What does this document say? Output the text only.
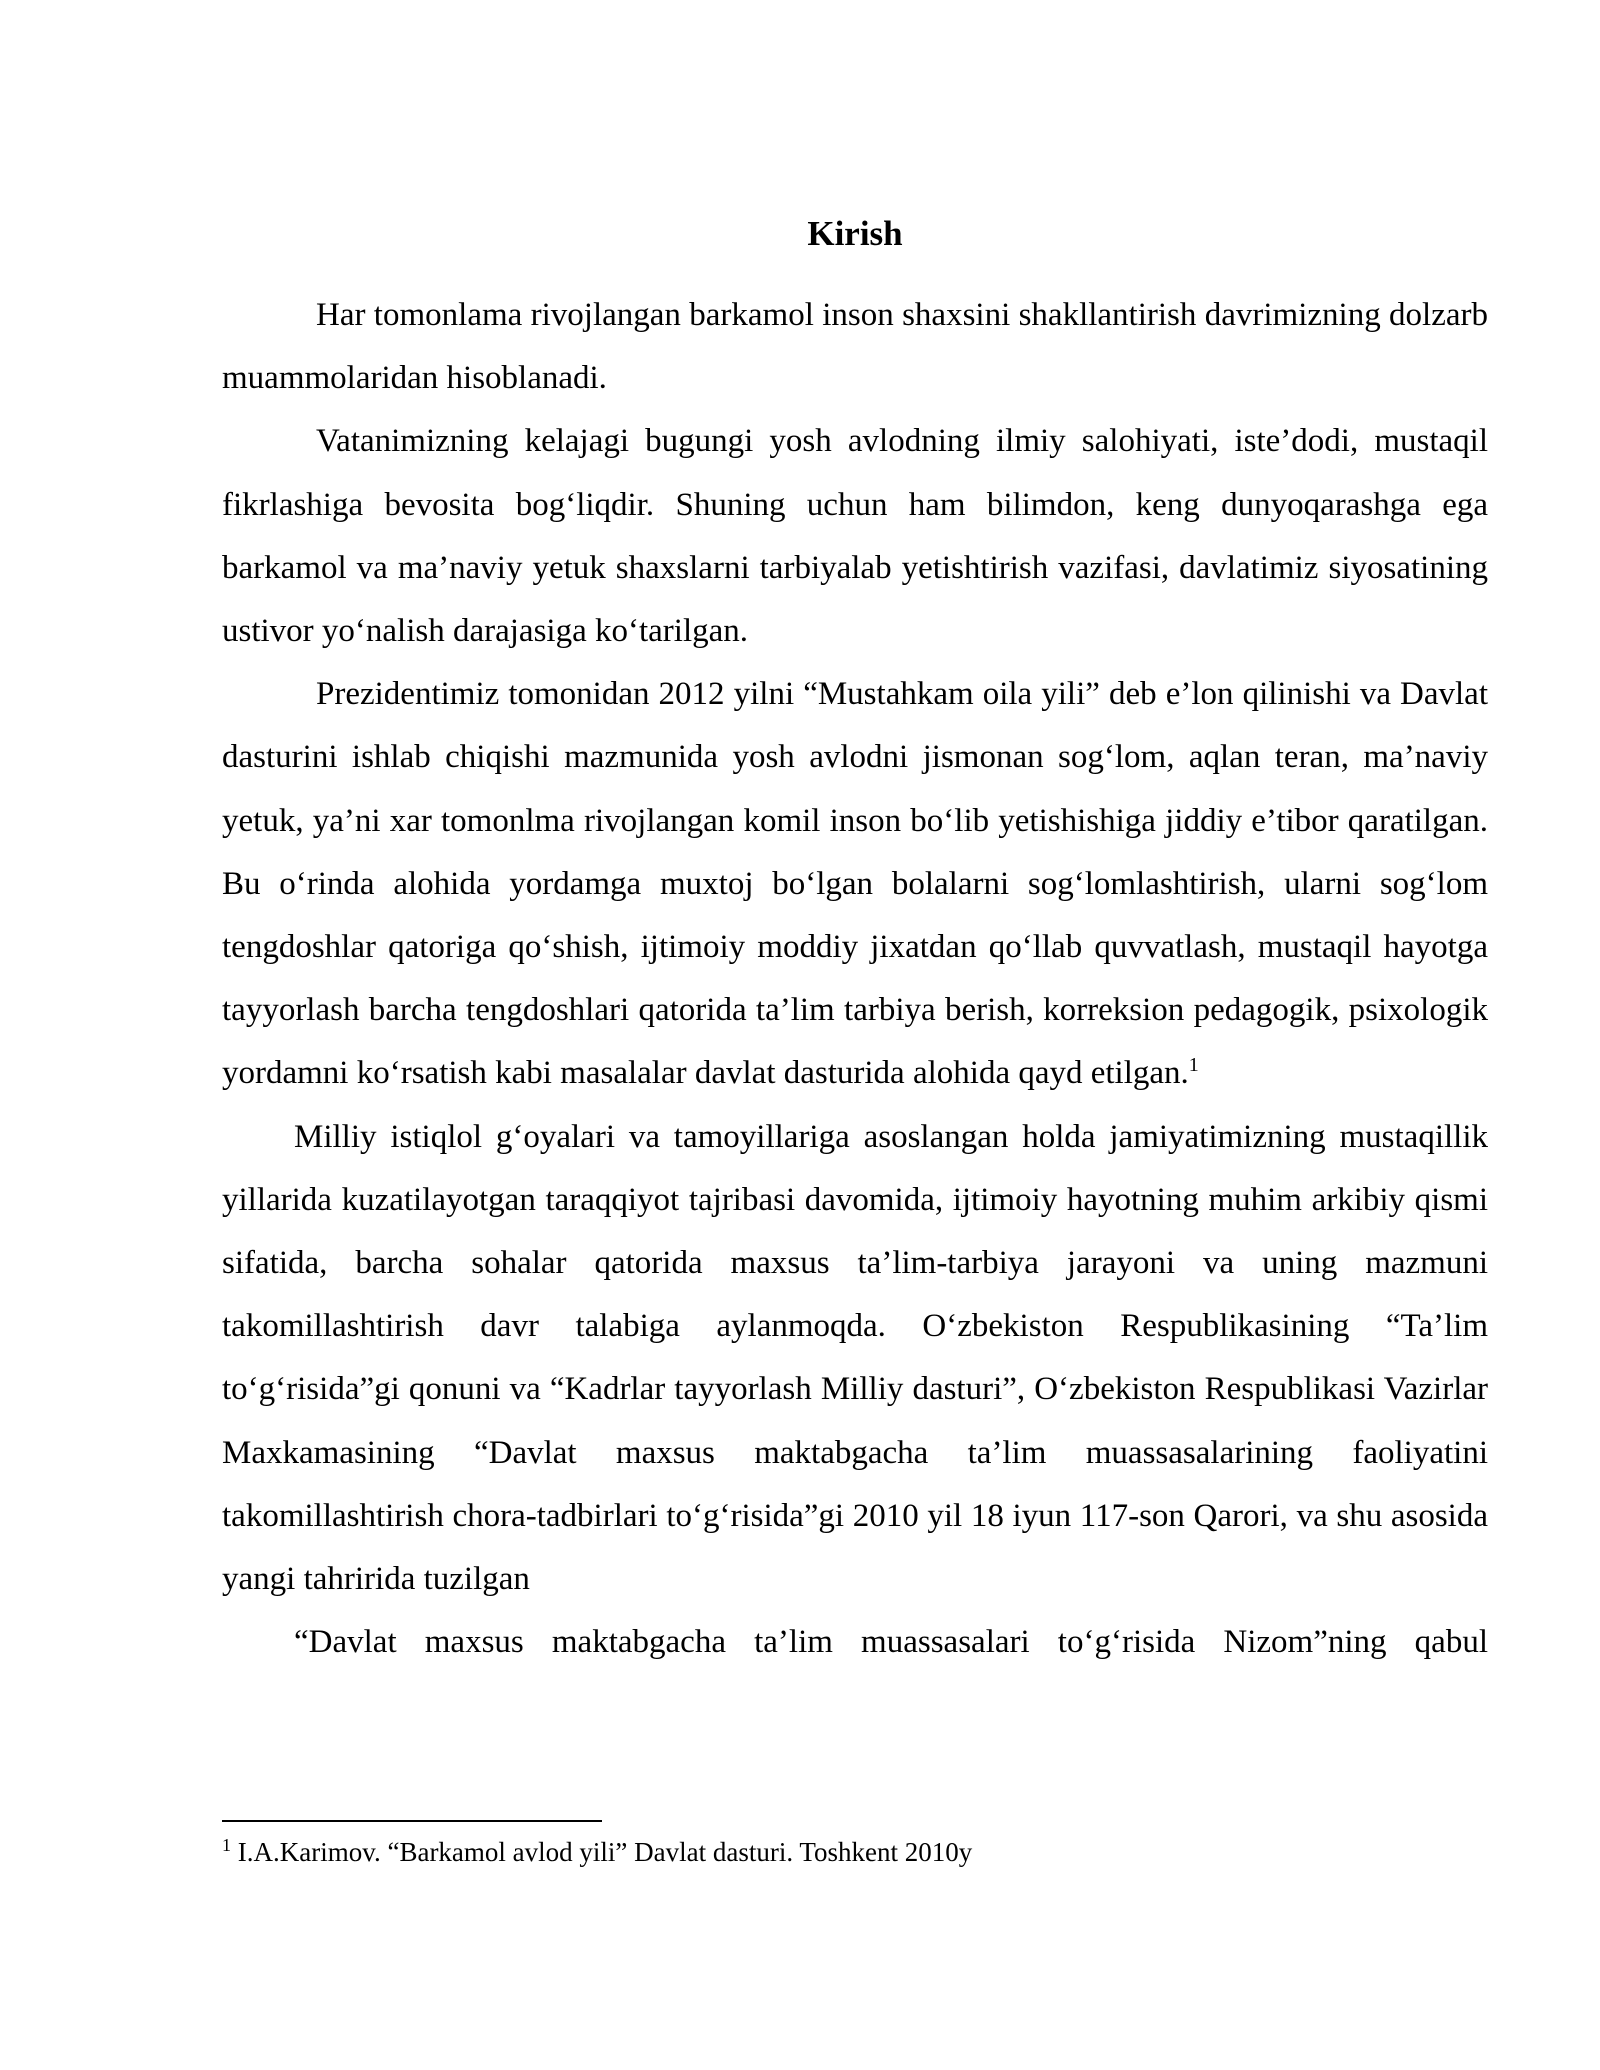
Kirish

Har tomonlama rivojlangan barkamol inson shaxsini shakllantirish davrimizning dolzarb muammolaridan hisoblanadi.

Vatanimizning kelajagi bugungi yosh avlodning ilmiy salohiyati, iste’dodi, mustaqil fikrlashiga bevosita bog‘liqdir. Shuning uchun ham bilimdon, keng dunyoqarashga ega barkamol va ma’naviy yetuk shaxslarni tarbiyalab yetishtirish vazifasi, davlatimiz siyosatining ustivor yo‘nalish darajasiga ko‘tarilgan.

Prezidentimiz tomonidan 2012 yilni “Mustahkam oila yili” deb e’lon qilinishi va Davlat dasturini ishlab chiqishi mazmunida yosh avlodni jismonan sog‘lom, aqlan teran, ma’naviy yetuk, ya’ni xar tomonlma rivojlangan komil inson bo‘lib yetishishiga jiddiy e’tibor qaratilgan. Bu o‘rinda alohida yordamga muxtoj bo‘lgan bolalarni sog‘lomlashtirish, ularni sog‘lom tengdoshlar qatoriga qo‘shish, ijtimoiy moddiy jixatdan qo‘llab quvvatlash, mustaqil hayotga tayyorlash barcha tengdoshlari qatorida ta’lim tarbiya berish, korreksion pedagogik, psixologik yordamni ko‘rsatish kabi masalalar davlat dasturida alohida qayd etilgan.$^1$

Milliy istiqlol g‘oyalari va tamoyillariga asoslangan holda jamiyatimizning mustaqillik yillarida kuzatilayotgan taraqqiyot tajribasi davomida, ijtimoiy hayotning muhim arkibiy qismi sifatida, barcha sohalar qatorida maxsus ta’lim-tarbiya jarayoni va uning mazmuni takomillashtirish davr talabiga aylanmoqda. O‘zbekiston Respublikasining “Ta’lim to‘g‘risida”gi qonuni va “Kadrlar tayyorlash Milliy dasturi”, O‘zbekiston Respublikasi Vazirlar Maxkamasining “Davlat maxsus maktabgacha ta’lim muassasalarining faoliyatini takomillashtirish chora-tadbirlari to‘g‘risida”gi 2010 yil 18 iyun 117-son Qarori, va shu asosida yangi tahririda tuzilgan
“Davlat maxsus maktabgacha ta’lim muassasalari to‘g‘risida Nizom”ning qabul

$^1$ I.A.Karimov. “Barkamol avlod yili” Davlat dasturi. Toshkent 2010y
